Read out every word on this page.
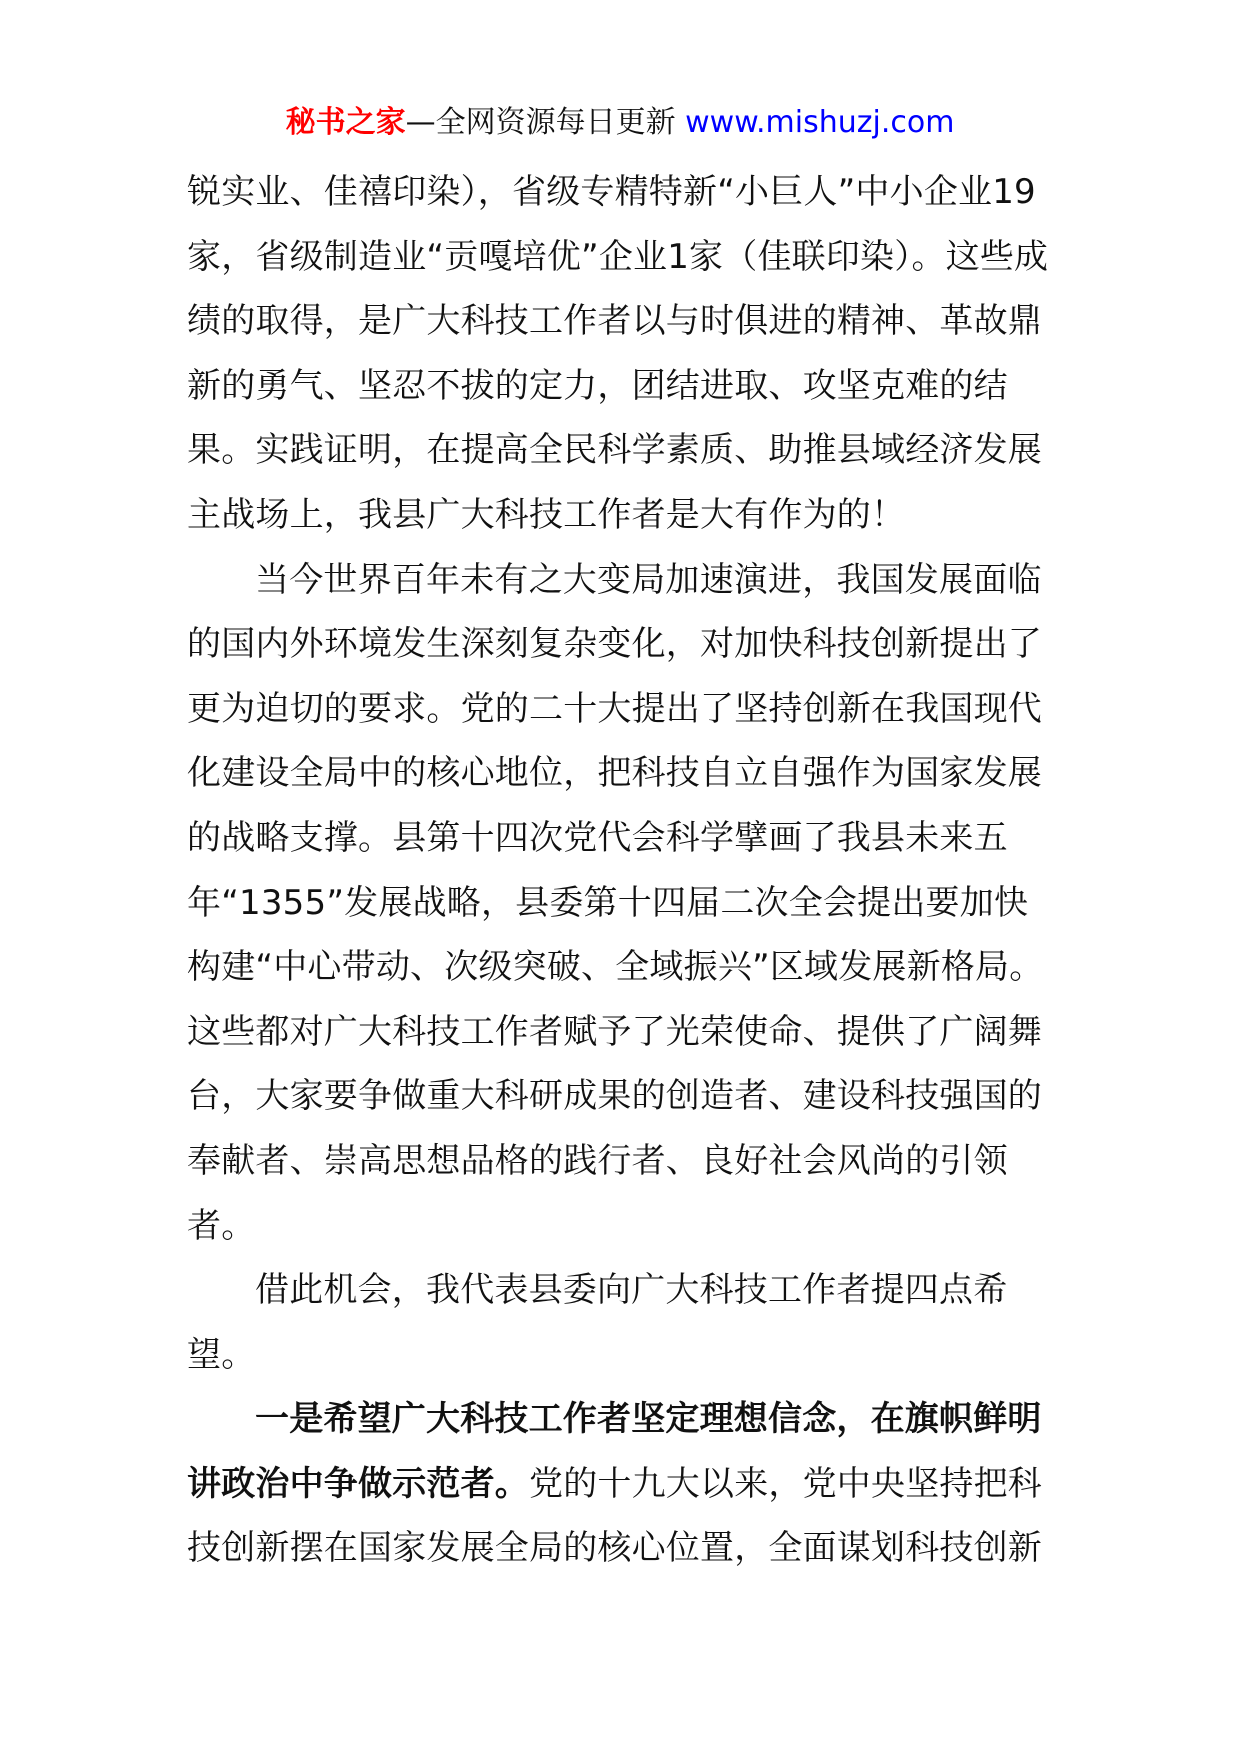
秘书之家—全网资源每日更新 www.mishuzj.com

锐实业、佳禧印染），省级专精特新“小巨人”中小企业19家，省级制造业“贡嘎培优”企业1家（佳联印染）。这些成绩的取得，是广大科技工作者以与时俱进的精神、革故鼎新的勇气、坚忍不拔的定力，团结进取、攻坚克难的结果。实践证明，在提高全民科学素质、助推县域经济发展主战场上，我县广大科技工作者是大有作为的！

当今世界百年未有之大变局加速演进，我国发展面临的国内外环境发生深刻复杂变化，对加快科技创新提出了更为迫切的要求。党的二十大提出了坚持创新在我国现代化建设全局中的核心地位，把科技自立自强作为国家发展的战略支撑。县第十四次党代会科学擘画了我县未来五年“1355”发展战略，县委第十四届二次全会提出要加快构建“中心带动、次级突破、全域振兴”区域发展新格局。这些都对广大科技工作者赋予了光荣使命、提供了广阔舞台，大家要争做重大科研成果的创造者、建设科技强国的奉献者、崇高思想品格的践行者、良好社会风尚的引领者。

借此机会，我代表县委向广大科技工作者提四点希望。

一是希望广大科技工作者坚定理想信念，在旗帜鲜明讲政治中争做示范者。党的十九大以来，党中央坚持把科技创新摆在国家发展全局的核心位置，全面谋划科技创新
